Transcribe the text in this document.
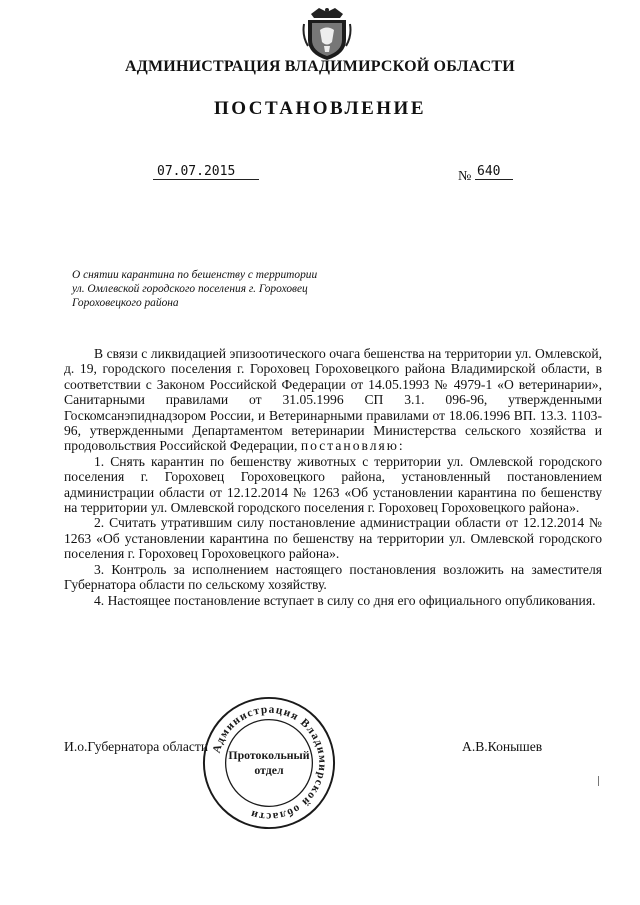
АДМИНИСТРАЦИЯ ВЛАДИМИРСКОЙ ОБЛАСТИ
ПОСТАНОВЛЕНИЕ
07.07.2015	№ 640
О снятии карантина по бешенству с территории
ул. Омлевской городского поселения г. Гороховец
Гороховецкого района

В связи с ликвидацией эпизоотического очага бешенства на территории ул. Омлевской, д. 19, городского поселения г. Гороховец Гороховецкого района Владимирской области, в соответствии с Законом Российской Федерации от 14.05.1993 № 4979-1 «О ветеринарии», Санитарными правилами от 31.05.1996 СП 3.1. 096-96, утвержденными Госкомсанэпиднадзором России, и Ветеринарными правилами от 18.06.1996 ВП. 13.3. 1103-96, утвержденными Департаментом ветеринарии Министерства сельского хозяйства и продовольствия Российской Федерации, постановляю:

1. Снять карантин по бешенству животных с территории ул. Омлевской городского поселения г. Гороховец Гороховецкого района, установленный постановлением администрации области от 12.12.2014 № 1263 «Об установлении карантина по бешенству на территории ул. Омлевской городского поселения г. Гороховец Гороховецкого района».

2. Считать утратившим силу постановление администрации области от 12.12.2014 № 1263 «Об установлении карантина по бешенству на территории ул. Омлевской городского поселения г. Гороховец Гороховецкого района».

3. Контроль за исполнением настоящего постановления возложить на заместителя Губернатора области по сельскому хозяйству.

4. Настоящее постановление вступает в силу со дня его официального опубликования.

И.о.Губернатора области	А.В.Конышев
Администрация Владимирской области
Протокольный
отдел
